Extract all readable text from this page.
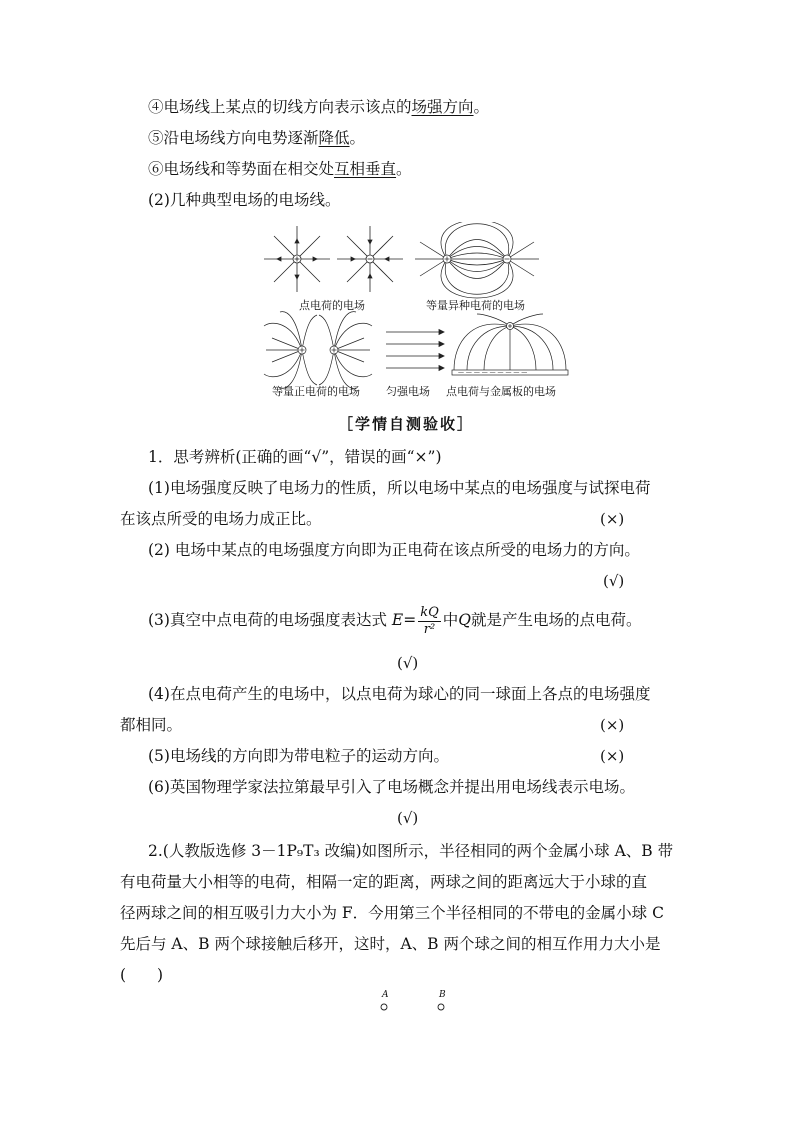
④电场线上某点的切线方向表示该点的场强方向。
⑤沿电场线方向电势逐渐降低。
⑥电场线和等势面在相交处互相垂直。
(2)几种典型电场的电场线。
— — — — — — — — —
点电荷的电场	等量异种电荷的电场
等量正电荷的电场 匀强电场 点电荷与金属板的电场
［学情自测验收］
1．思考辨析(正确的画“√”，错误的画“×”)
(1)电场强度反映了电场力的性质，所以电场中某点的电场强度与试探电荷
在该点所受的电场力成正比。	(×)
(2) 电场中某点的电场强度方向即为正电荷在该点所受的电场力的方向。
(√)
(3)真空中点电荷的电场强度表达式 $E= \frac{kQ}{\text{r²}}$ 中Q就是产生电场的点电荷。
(√)
(4)在点电荷产生的电场中，以点电荷为球心的同一球面上各点的电场强度
都相同。	(×)
(5)电场线的方向即为带电粒子的运动方向。	(×)
(6)英国物理学家法拉第最早引入了电场概念并提出用电场线表示电场。
(√)
2.(人教版选修 3－1P₉T₃ 改编)如图所示，半径相同的两个金属小球 A、B 带
有电荷量大小相等的电荷，相隔一定的距离，两球之间的距离远大于小球的直
径两球之间的相互吸引力大小为 F．今用第三个半径相同的不带电的金属小球 C
先后与 A、B 两个球接触后移开，这时，A、B 两个球之间的相互作用力大小是
(　　)
A	B
